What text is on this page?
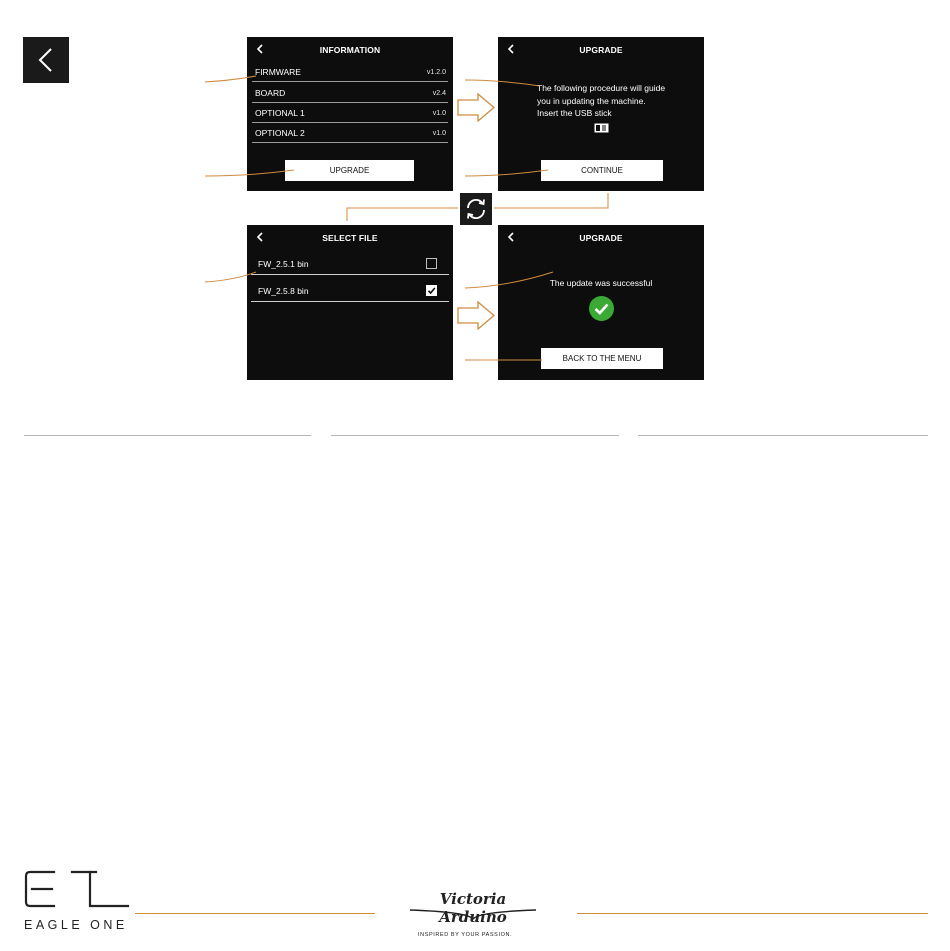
INFORMATION
FIRMWARE	v1.2.0
BOARD	v2.4
OPTIONAL 1	v1.0
OPTIONAL 2	v1.0
UPGRADE
UPGRADE
The following procedure will guide
you in updating the machine.
Insert the USB stick
CONTINUE
SELECT FILE
FW_2.5.1 bin
FW_2.5.8 bin
UPGRADE
The update was successful
BACK TO THE MENU
EAGLE ONE
Victoria Arduino
INSPIRED BY YOUR PASSION.
